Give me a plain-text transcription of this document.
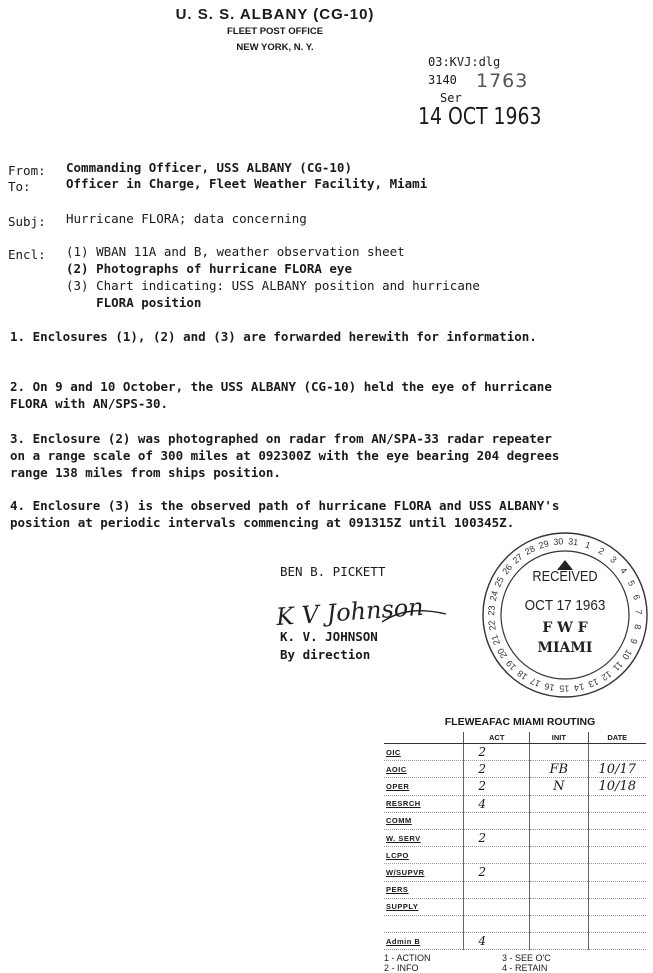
U. S. S. ALBANY (CG-10)
FLEET POST OFFICE
NEW YORK, N. Y.
03:KVJ:dlg
3140 1763
Ser
14 OCT 1963
From: Commanding Officer, USS ALBANY (CG-10)
To:	Officer in Charge, Fleet Weather Facility, Miami
Subj: Hurricane FLORA; data concerning
Encl: (1) WBAN 11A and B, weather observation sheet
(2) Photographs of hurricane FLORA eye
(3) Chart indicating: USS ALBANY position and hurricane
FLORA position
1. Enclosures (1), (2) and (3) are forwarded herewith for information.
2. On 9 and 10 October, the USS ALBANY (CG-10) held the eye of hurricane FLORA with AN/SPS-30.
3. Enclosure (2) was photographed on radar from AN/SPA-33 radar repeater on a range scale of 300 miles at 092300Z with the eye bearing 204 degrees range 138 miles from ships position.
4. Enclosure (3) is the observed path of hurricane FLORA and USS ALBANY's position at periodic intervals commencing at 091315Z until 100345Z.
BEN B. PICKETT
K V Johnson
K. V. JOHNSON
By direction
1
2
3
4
5
6
7
8
9
10
11
12
13
14
15
16
17
18
19
20
21
22
23
24
25
26
27
28 29 30 31
RECEIVED
OCT 17 1963
F W F
MIAMI
FLEWEAFAC MIAMI ROUTING
	ACT	INIT	DATE
OIC	2		
AOIC	2	FB	10/17
OPER	2	N	10/18
RESRCH	4		
COMM			
W. SERV	2		
LCPO			
W/SUPVR	2		
PERS			
SUPPLY			

Admin B	4		
1 - ACTION	3 - SEE O'C
2 - INFO	4 - RETAIN
